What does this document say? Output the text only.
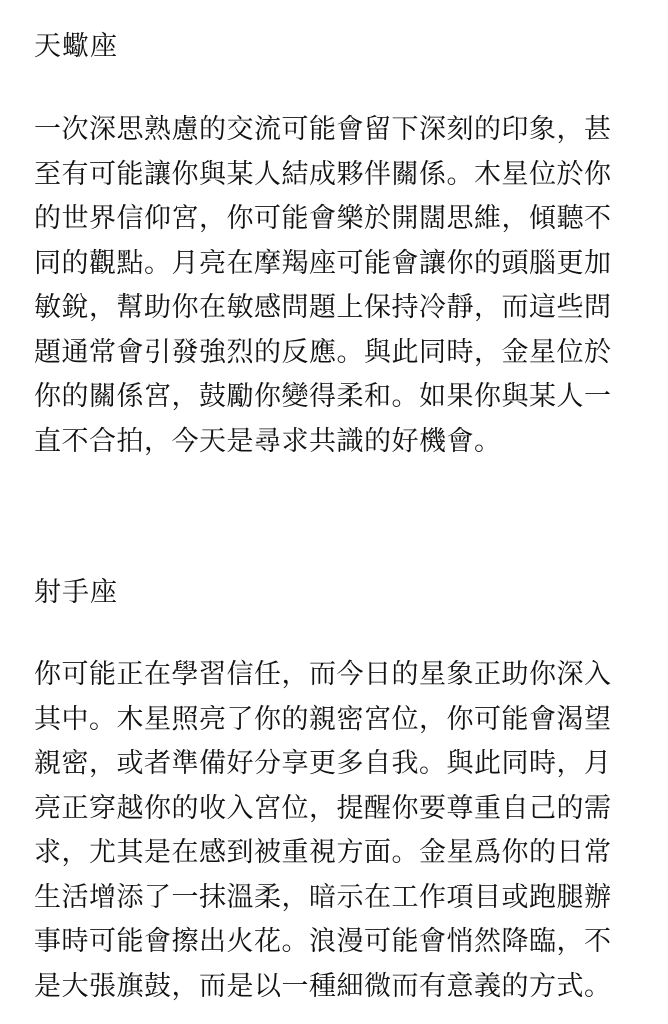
天蠍座

一次深思熟慮的交流可能會留下深刻的印象，甚至有可能讓你與某人結成夥伴關係。木星位於你的世界信仰宮，你可能會樂於開闊思維，傾聽不同的觀點。月亮在摩羯座可能會讓你的頭腦更加敏銳，幫助你在敏感問題上保持冷靜，而這些問題通常會引發強烈的反應。與此同時，金星位於你的關係宮，鼓勵你變得柔和。如果你與某人一直不合拍，今天是尋求共識的好機會。

射手座

你可能正在學習信任，而今日的星象正助你深入其中。木星照亮了你的親密宮位，你可能會渴望親密，或者準備好分享更多自我。與此同時，月亮正穿越你的收入宮位，提醒你要尊重自己的需求，尤其是在感到被重視方面。金星爲你的日常生活增添了一抹溫柔，暗示在工作項目或跑腿辦事時可能會擦出火花。浪漫可能會悄然降臨，不是大張旗鼓，而是以一種細微而有意義的方式。
